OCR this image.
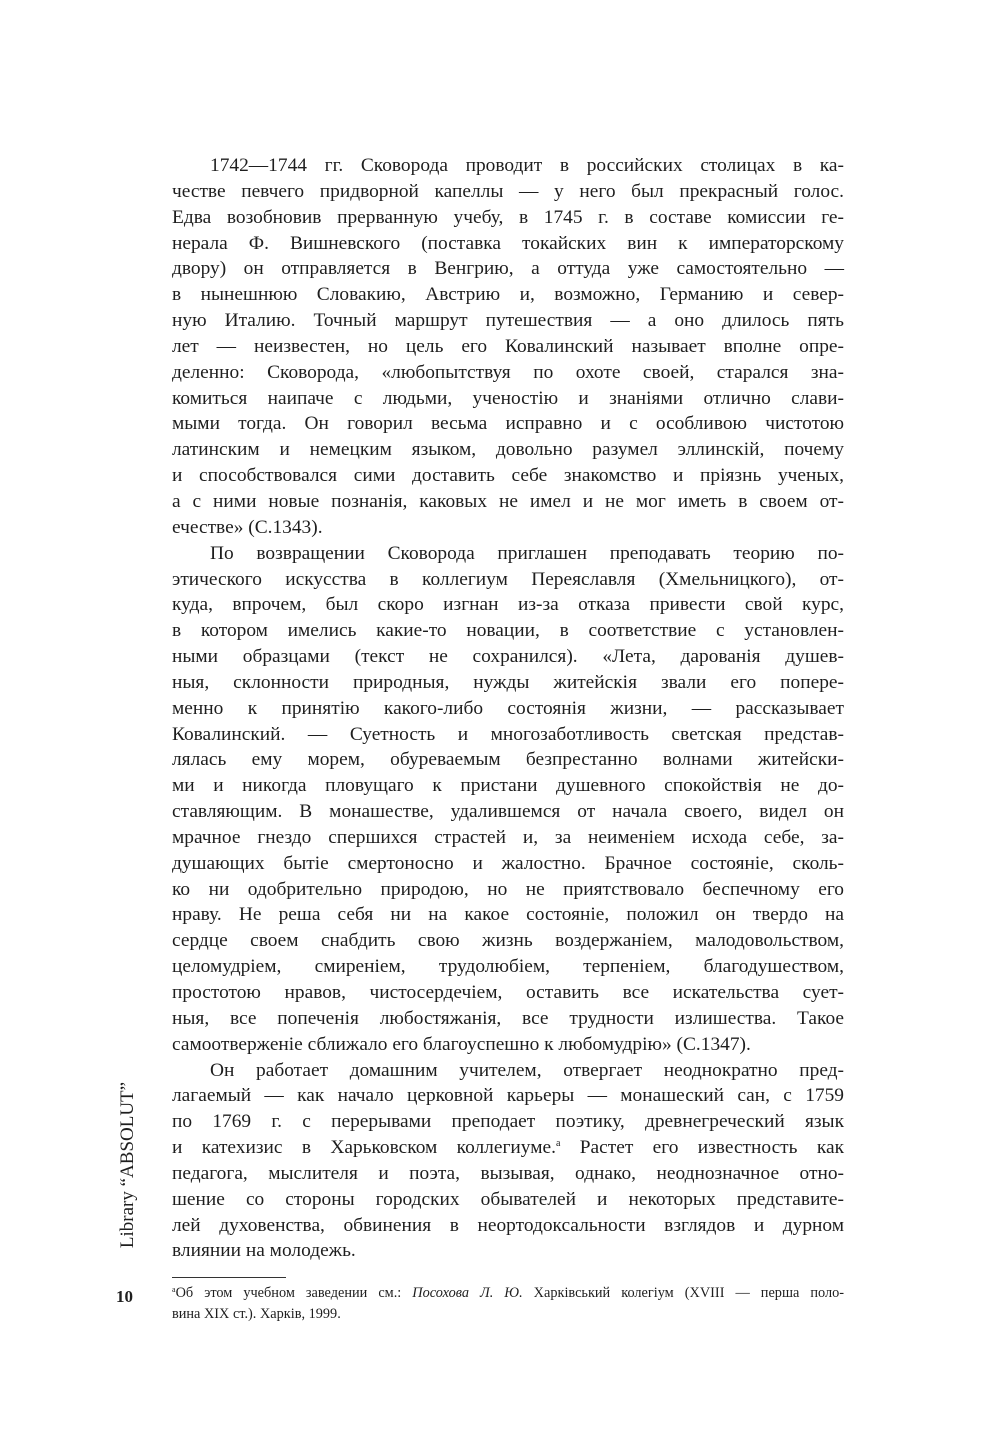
1742—1744 гг. Сковорода проводит в российских столицах в ка-
честве певчего придворной капеллы — у него был прекрасный голос.
Едва возобновив прерванную учебу, в 1745 г. в составе комиссии ге-
нерала Ф. Вишневского (поставка токайских вин к императорскому
двору) он отправляется в Венгрию, а оттуда уже самостоятельно —
в нынешнюю Словакию, Австрию и, возможно, Германию и север-
ную Италию. Точный маршрут путешествия — а оно длилось пять
лет — неизвестен, но цель его Ковалинский называет вполне опре-
деленно: Сковорода, «любопытствуя по охоте своей, старался зна-
комиться наипаче с людьми, ученостію и знаніями отлично слави-
мыми тогда. Он говорил весьма исправно и с особливою чистотою
латинским и немецким языком, довольно разумел эллинскій, почему
и способствовался сими доставить себе знакомство и пріязнь ученых,
а с ними новые познанія, каковых не имел и не мог иметь в своем от-
ечестве» (С.1343).
По возвращении Сковорода приглашен преподавать теорию по-
этического искусства в коллегиум Переяславля (Хмельницкого), от-
куда, впрочем, был скоро изгнан из-за отказа привести свой курс,
в котором имелись какие-то новации, в соответствие с установлен-
ными образцами (текст не сохранился). «Лета, дарованія душев-
ныя, склонности природныя, нужды житейскія звали его попере-
менно к принятію какого-либо состоянія жизни, — рассказывает
Ковалинский. — Суетность и многозаботливость светская представ-
лялась ему морем, обуреваемым безпрестанно волнами житейски-
ми и никогда пловущаго к пристани душевного спокойствія не до-
ставляющим. В монашестве, удалившемся от начала своего, видел он
мрачное гнездо спершихся страстей и, за неименіем исхода себе, за-
душающих бытіе смертоносно и жалостно. Брачное состояніе, сколь-
ко ни одобрительно природою, но не приятствовало беспечному его
нраву. Не реша себя ни на какое состояніе, положил он твердо на
сердце своем снабдить свою жизнь воздержаніем, малодовольством,
целомудріем, смиреніем, трудолюбіем, терпеніем, благодушеством,
простотою нравов, чистосердечіем, оставить все искательства сует-
ныя, все попеченія любостяжанія, все трудности излишества. Такое
самоотверженіе сближало его благоуспешно к любомудрію» (С.1347).
Он работает домашним учителем, отвергает неоднократно пред-
лагаемый — как начало церковной карьеры — монашеский сан, с 1759
по 1769 г. с перерывами преподает поэтику, древнегреческий язык
и катехизис в Харьковском коллегиуме.$^a$ Растет его известность как
педагога, мыслителя и поэта, вызывая, однако, неоднозначное отно-
шение со стороны городских обывателей и некоторых представите-
лей духовенства, обвинения в неортодоксальности взглядов и дурном
влиянии на молодежь.
Library “ABSOLUT”
10	$^a$Об этом учебном заведении см.: Посохова Л. Ю. Харківський колегіум (XVIII — перша поло-
вина XIX ст.). Харків, 1999.
